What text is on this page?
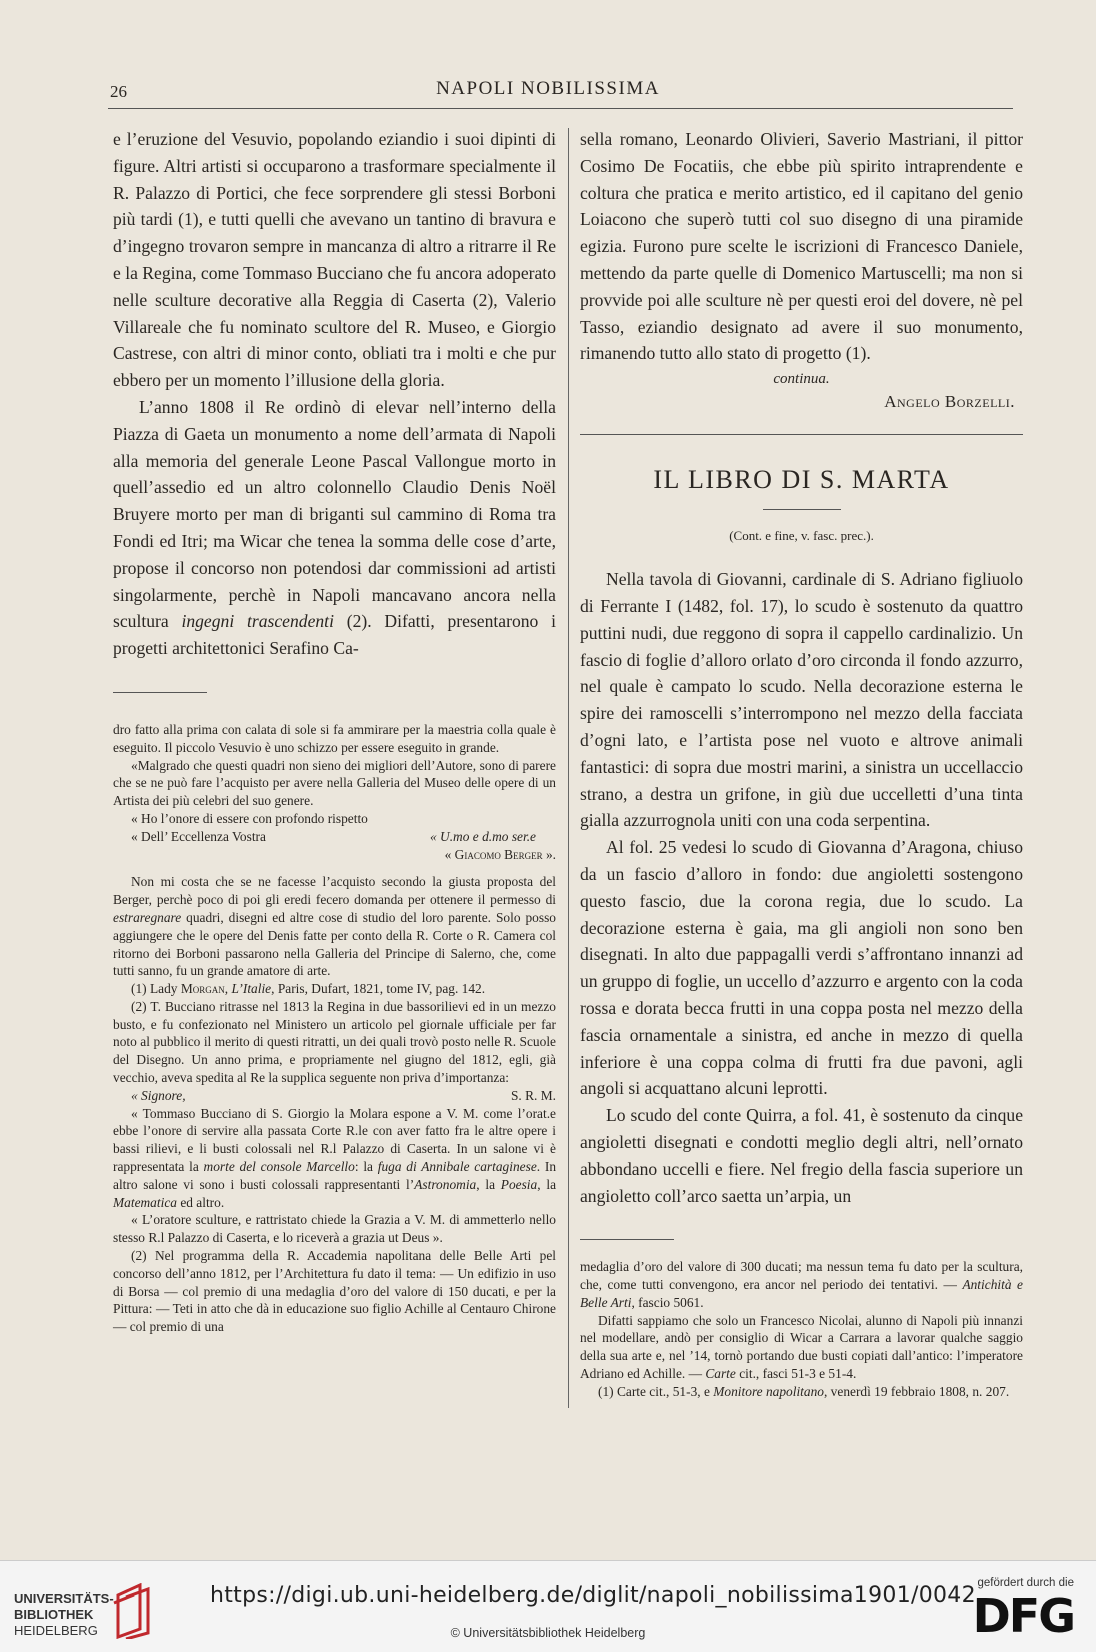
26	NAPOLI NOBILISSIMA

e l’eruzione del Vesuvio, popolando eziandio i suoi dipinti di figure. Altri artisti si occuparono a trasformare specialmente il R. Palazzo di Portici, che fece sorprendere gli stessi Borboni più tardi (1), e tutti quelli che avevano un tantino di bravura e d’ingegno trovaron sempre in mancanza di altro a ritrarre il Re e la Regina, come Tommaso Bucciano che fu ancora adoperato nelle sculture decorative alla Reggia di Caserta (2), Valerio Villareale che fu nominato scultore del R. Museo, e Giorgio Castrese, con altri di minor conto, obliati tra i molti e che pur ebbero per un momento l’illusione della gloria.

L’anno 1808 il Re ordinò di elevar nell’interno della Piazza di Gaeta un monumento a nome dell’armata di Napoli alla memoria del generale Leone Pascal Vallongue morto in quell’assedio ed un altro colonnello Claudio Denis Noël Bruyere morto per man di briganti sul cammino di Roma tra Fondi ed Itri; ma Wicar che tenea la somma delle cose d’arte, propose il concorso non potendosi dar commissioni ad artisti singolarmente, perchè in Napoli mancavano ancora nella scultura ingegni trascendenti (2). Difatti, presentarono i progetti architettonici Serafino Ca-

dro fatto alla prima con calata di sole si fa ammirare per la maestria colla quale è eseguito. Il piccolo Vesuvio è uno schizzo per essere eseguito in grande.

«Malgrado che questi quadri non sieno dei migliori dell’Autore, sono di parere che se ne può fare l’acquisto per avere nella Galleria del Museo delle opere di un Artista dei più celebri del suo genere.

« Ho l’onore di essere con profondo rispetto

« Dell’ Eccellenza Vostra	« U.mo e d.mo ser.e

« Giacomo Berger ».

Non mi costa che se ne facesse l’acquisto secondo la giusta proposta del Berger, perchè poco di poi gli eredi fecero domanda per ottenere il permesso di estraregnare quadri, disegni ed altre cose di studio del loro parente. Solo posso aggiungere che le opere del Denis fatte per conto della R. Corte o R. Camera col ritorno dei Borboni passarono nella Galleria del Principe di Salerno, che, come tutti sanno, fu un grande amatore di arte.

(1) Lady Morgan, L’Italie, Paris, Dufart, 1821, tome IV, pag. 142.

(2) T. Bucciano ritrasse nel 1813 la Regina in due bassorilievi ed in un mezzo busto, e fu confezionato nel Ministero un articolo pel giornale ufficiale per far noto al pubblico il merito di questi ritratti, un dei quali trovò posto nelle R. Scuole del Disegno. Un anno prima, e propriamente nel giugno del 1812, egli, già vecchio, aveva spedita al Re la supplica seguente non priva d’importanza:

« Signore,	S. R. M.

« Tommaso Bucciano di S. Giorgio la Molara espone a V. M. come l’orat.e ebbe l’onore di servire alla passata Corte R.le con aver fatto fra le altre opere i bassi rilievi, e li busti colossali nel R.l Palazzo di Caserta. In un salone vi è rappresentata la morte del console Marcello: la fuga di Annibale cartaginese. In altro salone vi sono i busti colossali rappresentanti l’Astronomia, la Poesia, la Matematica ed altro.

« L’oratore sculture, e rattristato chiede la Grazia a V. M. di ammetterlo nello stesso R.l Palazzo di Caserta, e lo riceverà a grazia ut Deus ».

(2) Nel programma della R. Accademia napolitana delle Belle Arti pel concorso dell’anno 1812, per l’Architettura fu dato il tema: — Un edifizio in uso di Borsa — col premio di una medaglia d’oro del valore di 150 ducati, e per la Pittura: — Teti in atto che dà in educazione suo figlio Achille al Centauro Chirone — col premio di una

sella romano, Leonardo Olivieri, Saverio Mastriani, il pittor Cosimo De Focatiis, che ebbe più spirito intraprendente e coltura che pratica e merito artistico, ed il capitano del genio Loiacono che superò tutti col suo disegno di una piramide egizia. Furono pure scelte le iscrizioni di Francesco Daniele, mettendo da parte quelle di Domenico Martuscelli; ma non si provvide poi alle sculture nè per questi eroi del dovere, nè pel Tasso, eziandio designato ad avere il suo monumento, rimanendo tutto allo stato di progetto (1).

continua.
Angelo Borzelli.
IL LIBRO DI S. MARTA
(Cont. e fine, v. fasc. prec.).

Nella tavola di Giovanni, cardinale di S. Adriano figliuolo di Ferrante I (1482, fol. 17), lo scudo è sostenuto da quattro puttini nudi, due reggono di sopra il cappello cardinalizio. Un fascio di foglie d’alloro orlato d’oro circonda il fondo azzurro, nel quale è campato lo scudo. Nella decorazione esterna le spire dei ramoscelli s’interrompono nel mezzo della facciata d’ogni lato, e l’artista pose nel vuoto e altrove animali fantastici: di sopra due mostri marini, a sinistra un uccellaccio strano, a destra un grifone, in giù due uccelletti d’una tinta gialla azzurrognola uniti con una coda serpentina.

Al fol. 25 vedesi lo scudo di Giovanna d’Aragona, chiuso da un fascio d’alloro in fondo: due angioletti sostengono questo fascio, due la corona regia, due lo scudo. La decorazione esterna è gaia, ma gli angioli non sono ben disegnati. In alto due pappagalli verdi s’affrontano innanzi ad un gruppo di foglie, un uccello d’azzurro e argento con la coda rossa e dorata becca frutti in una coppa posta nel mezzo della fascia ornamentale a sinistra, ed anche in mezzo di quella inferiore è una coppa colma di frutti fra due pavoni, agli angoli si acquattano alcuni leprotti.

Lo scudo del conte Quirra, a fol. 41, è sostenuto da cinque angioletti disegnati e condotti meglio degli altri, nell’ornato abbondano uccelli e fiere. Nel fregio della fascia superiore un angioletto coll’arco saetta un’arpia, un

medaglia d’oro del valore di 300 ducati; ma nessun tema fu dato per la scultura, che, come tutti convengono, era ancor nel periodo dei tentativi. — Antichità e Belle Arti, fascio 5061.

Difatti sappiamo che solo un Francesco Nicolai, alunno di Napoli più innanzi nel modellare, andò per consiglio di Wicar a Carrara a lavorar qualche saggio della sua arte e, nel ’14, tornò portando due busti copiati dall’antico: l’imperatore Adriano ed Achille. — Carte cit., fasci 51-3 e 51-4.

(1) Carte cit., 51-3, e Monitore napolitano, venerdì 19 febbraio 1808, n. 207.

UNIVERSITÄTS-
BIBLIOTHEK
HEIDELBERG
https://digi.ub.uni-heidelberg.de/diglit/napoli_nobilissima1901/0042
© Universitätsbibliothek Heidelberg
gefördert durch die
DFG
